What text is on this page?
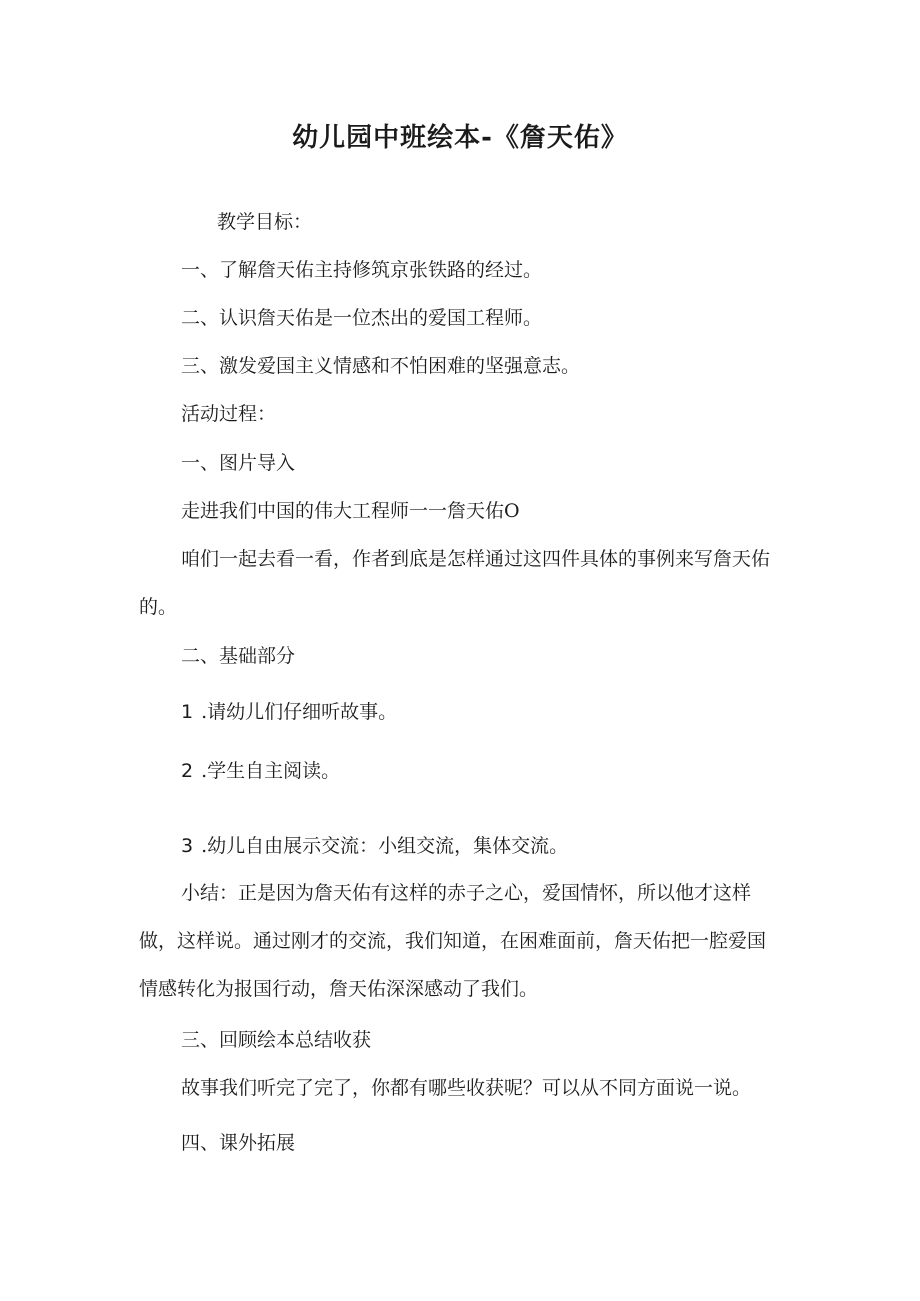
幼儿园中班绘本-《詹天佑》
教学目标：
一、了解詹天佑主持修筑京张铁路的经过。
二、认识詹天佑是一位杰出的爱国工程师。
三、激发爱国主义情感和不怕困难的坚强意志。
活动过程：
一、图片导入
走进我们中国的伟大工程师一一詹天佑O
咱们一起去看一看，作者到底是怎样通过这四件具体的事例来写詹天佑的。
二、基础部分
1 .请幼儿们仔细听故事。
2 .学生自主阅读。
3 .幼儿自由展示交流：小组交流，集体交流。
小结：正是因为詹天佑有这样的赤子之心，爱国情怀，所以他才这样做，这样说。通过刚才的交流，我们知道，在困难面前，詹天佑把一腔爱国情感转化为报国行动，詹天佑深深感动了我们。
三、回顾绘本总结收获
故事我们听完了完了，你都有哪些收获呢？可以从不同方面说一说。
四、课外拓展
